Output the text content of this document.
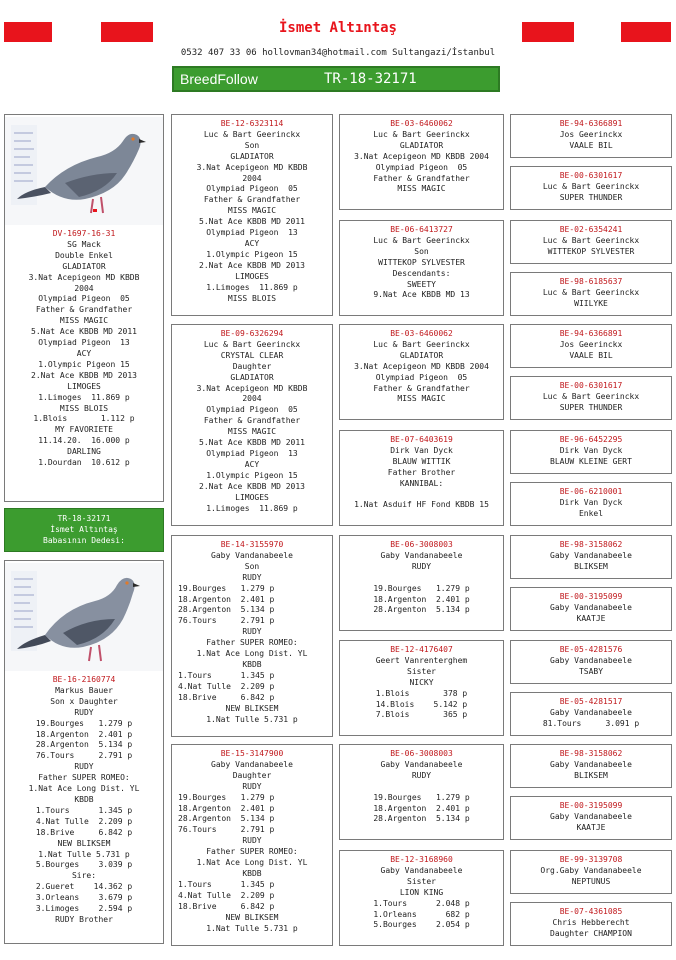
İsmet Altıntaş
0532 407 33 06 hollovman34@hotmail.com Sultangazi/İstanbul
BreedFollow	TR-18-32171
DV-1697-16-31
SG Mack
Double Enkel
GLADIATOR
3.Nat Acepigeon MD KBDB
2004
Olympiad Pigeon  05
Father & Grandfather
MISS MAGIC
5.Nat Ace KBDB MD 2011
Olympiad Pigeon  13
ACY
1.Olympic Pigeon 15
2.Nat Ace KBDB MD 2013
LIMOGES
1.Limoges  11.869 p
MISS BLOIS
1.Blois       1.112 p
MY FAVORIETE
11.14.20.  16.000 p
DARLING
1.Dourdan  10.612 p
TR-18-32171
İsmet Altıntaş
Babasının Dedesi:
BE-16-2160774
Markus Bauer
Son x Daughter
RUDY
19.Bourges   1.279 p
18.Argenton  2.401 p
28.Argenton  5.134 p
76.Tours     2.791 p
RUDY
Father SUPER ROMEO:
1.Nat Ace Long Dist. YL
KBDB
1.Tours      1.345 p
4.Nat Tulle  2.209 p
18.Brive     6.842 p
NEW BLIKSEM
1.Nat Tulle 5.731 p
5.Bourges    3.039 p
Sire:
2.Gueret    14.362 p
3.Orleans    3.679 p
3.Limoges    2.594 p
RUDY Brother
BE-12-6323114
Luc & Bart Geerinckx
Son
GLADIATOR
3.Nat Acepigeon MD KBDB
2004
Olympiad Pigeon  05
Father & Grandfather
MISS MAGIC
5.Nat Ace KBDB MD 2011
Olympiad Pigeon  13
ACY
1.Olympic Pigeon 15
2.Nat Ace KBDB MD 2013
LIMOGES
1.Limoges  11.869 p
MISS BLOIS
BE-09-6326294
Luc & Bart Geerinckx
CRYSTAL CLEAR
Daughter
GLADIATOR
3.Nat Acepigeon MD KBDB
2004
Olympiad Pigeon  05
Father & Grandfather
MISS MAGIC
5.Nat Ace KBDB MD 2011
Olympiad Pigeon  13
ACY
1.Olympic Pigeon 15
2.Nat Ace KBDB MD 2013
LIMOGES
1.Limoges  11.869 p
BE-14-3155970
Gaby Vandanabeele
Son
RUDY
19.Bourges   1.279 p
18.Argenton  2.401 p
28.Argenton  5.134 p
76.Tours     2.791 p
RUDY
Father SUPER ROMEO:
1.Nat Ace Long Dist. YL
KBDB
1.Tours      1.345 p
4.Nat Tulle  2.209 p
18.Brive     6.842 p
NEW BLIKSEM
1.Nat Tulle 5.731 p
BE-15-3147900
Gaby Vandanabeele
Daughter
RUDY
19.Bourges   1.279 p
18.Argenton  2.401 p
28.Argenton  5.134 p
76.Tours     2.791 p
RUDY
Father SUPER ROMEO:
1.Nat Ace Long Dist. YL
KBDB
1.Tours      1.345 p
4.Nat Tulle  2.209 p
18.Brive     6.842 p
NEW BLIKSEM
1.Nat Tulle 5.731 p
BE-03-6460062
Luc & Bart Geerinckx
GLADIATOR
3.Nat Acepigeon MD KBDB 2004
Olympiad Pigeon  05
Father & Grandfather
MISS MAGIC
BE-06-6413727
Luc & Bart Geerinckx
Son
WITTEKOP SYLVESTER
Descendants:
SWEETY
9.Nat Ace KBDB MD 13
BE-03-6460062
Luc & Bart Geerinckx
GLADIATOR
3.Nat Acepigeon MD KBDB 2004
Olympiad Pigeon  05
Father & Grandfather
MISS MAGIC
BE-07-6403619
Dirk Van Dyck
BLAUW WITTIK
Father Brother
KANNIBAL:

1.Nat Asduif HF Fond KBDB 15
BE-06-3008003
Gaby Vandanabeele
RUDY

19.Bourges   1.279 p
18.Argenton  2.401 p
28.Argenton  5.134 p
BE-12-4176407
Geert Vanrenterghem
Sister
NICKY
1.Blois       378 p
14.Blois    5.142 p
7.Blois       365 p
BE-06-3008003
Gaby Vandanabeele
RUDY

19.Bourges   1.279 p
18.Argenton  2.401 p
28.Argenton  5.134 p
BE-12-3168960
Gaby Vandanabeele
Sister
LION KING
1.Tours      2.048 p
1.Orleans      682 p
5.Bourges    2.054 p
BE-94-6366891
Jos Geerinckx
VAALE BIL
BE-00-6301617
Luc & Bart Geerinckx
SUPER THUNDER
BE-02-6354241
Luc & Bart Geerinckx
WITTEKOP SYLVESTER
BE-98-6185637
Luc & Bart Geerinckx
WIILYKE
BE-94-6366891
Jos Geerinckx
VAALE BIL
BE-00-6301617
Luc & Bart Geerinckx
SUPER THUNDER
BE-96-6452295
Dirk Van Dyck
BLAUW KLEINE GERT
BE-06-6210001
Dirk Van Dyck
Enkel
BE-98-3158062
Gaby Vandanabeele
BLIKSEM
BE-00-3195099
Gaby Vandanabeele
KAATJE
BE-05-4281576
Gaby Vandanabeele
TSABY
BE-05-4281517
Gaby Vandanabeele
81.Tours     3.091 p
BE-98-3158062
Gaby Vandanabeele
BLIKSEM
BE-00-3195099
Gaby Vandanabeele
KAATJE
BE-99-3139708
Org.Gaby Vandanabeele
NEPTUNUS
BE-07-4361085
Chris Hebberecht
Daughter CHAMPION
